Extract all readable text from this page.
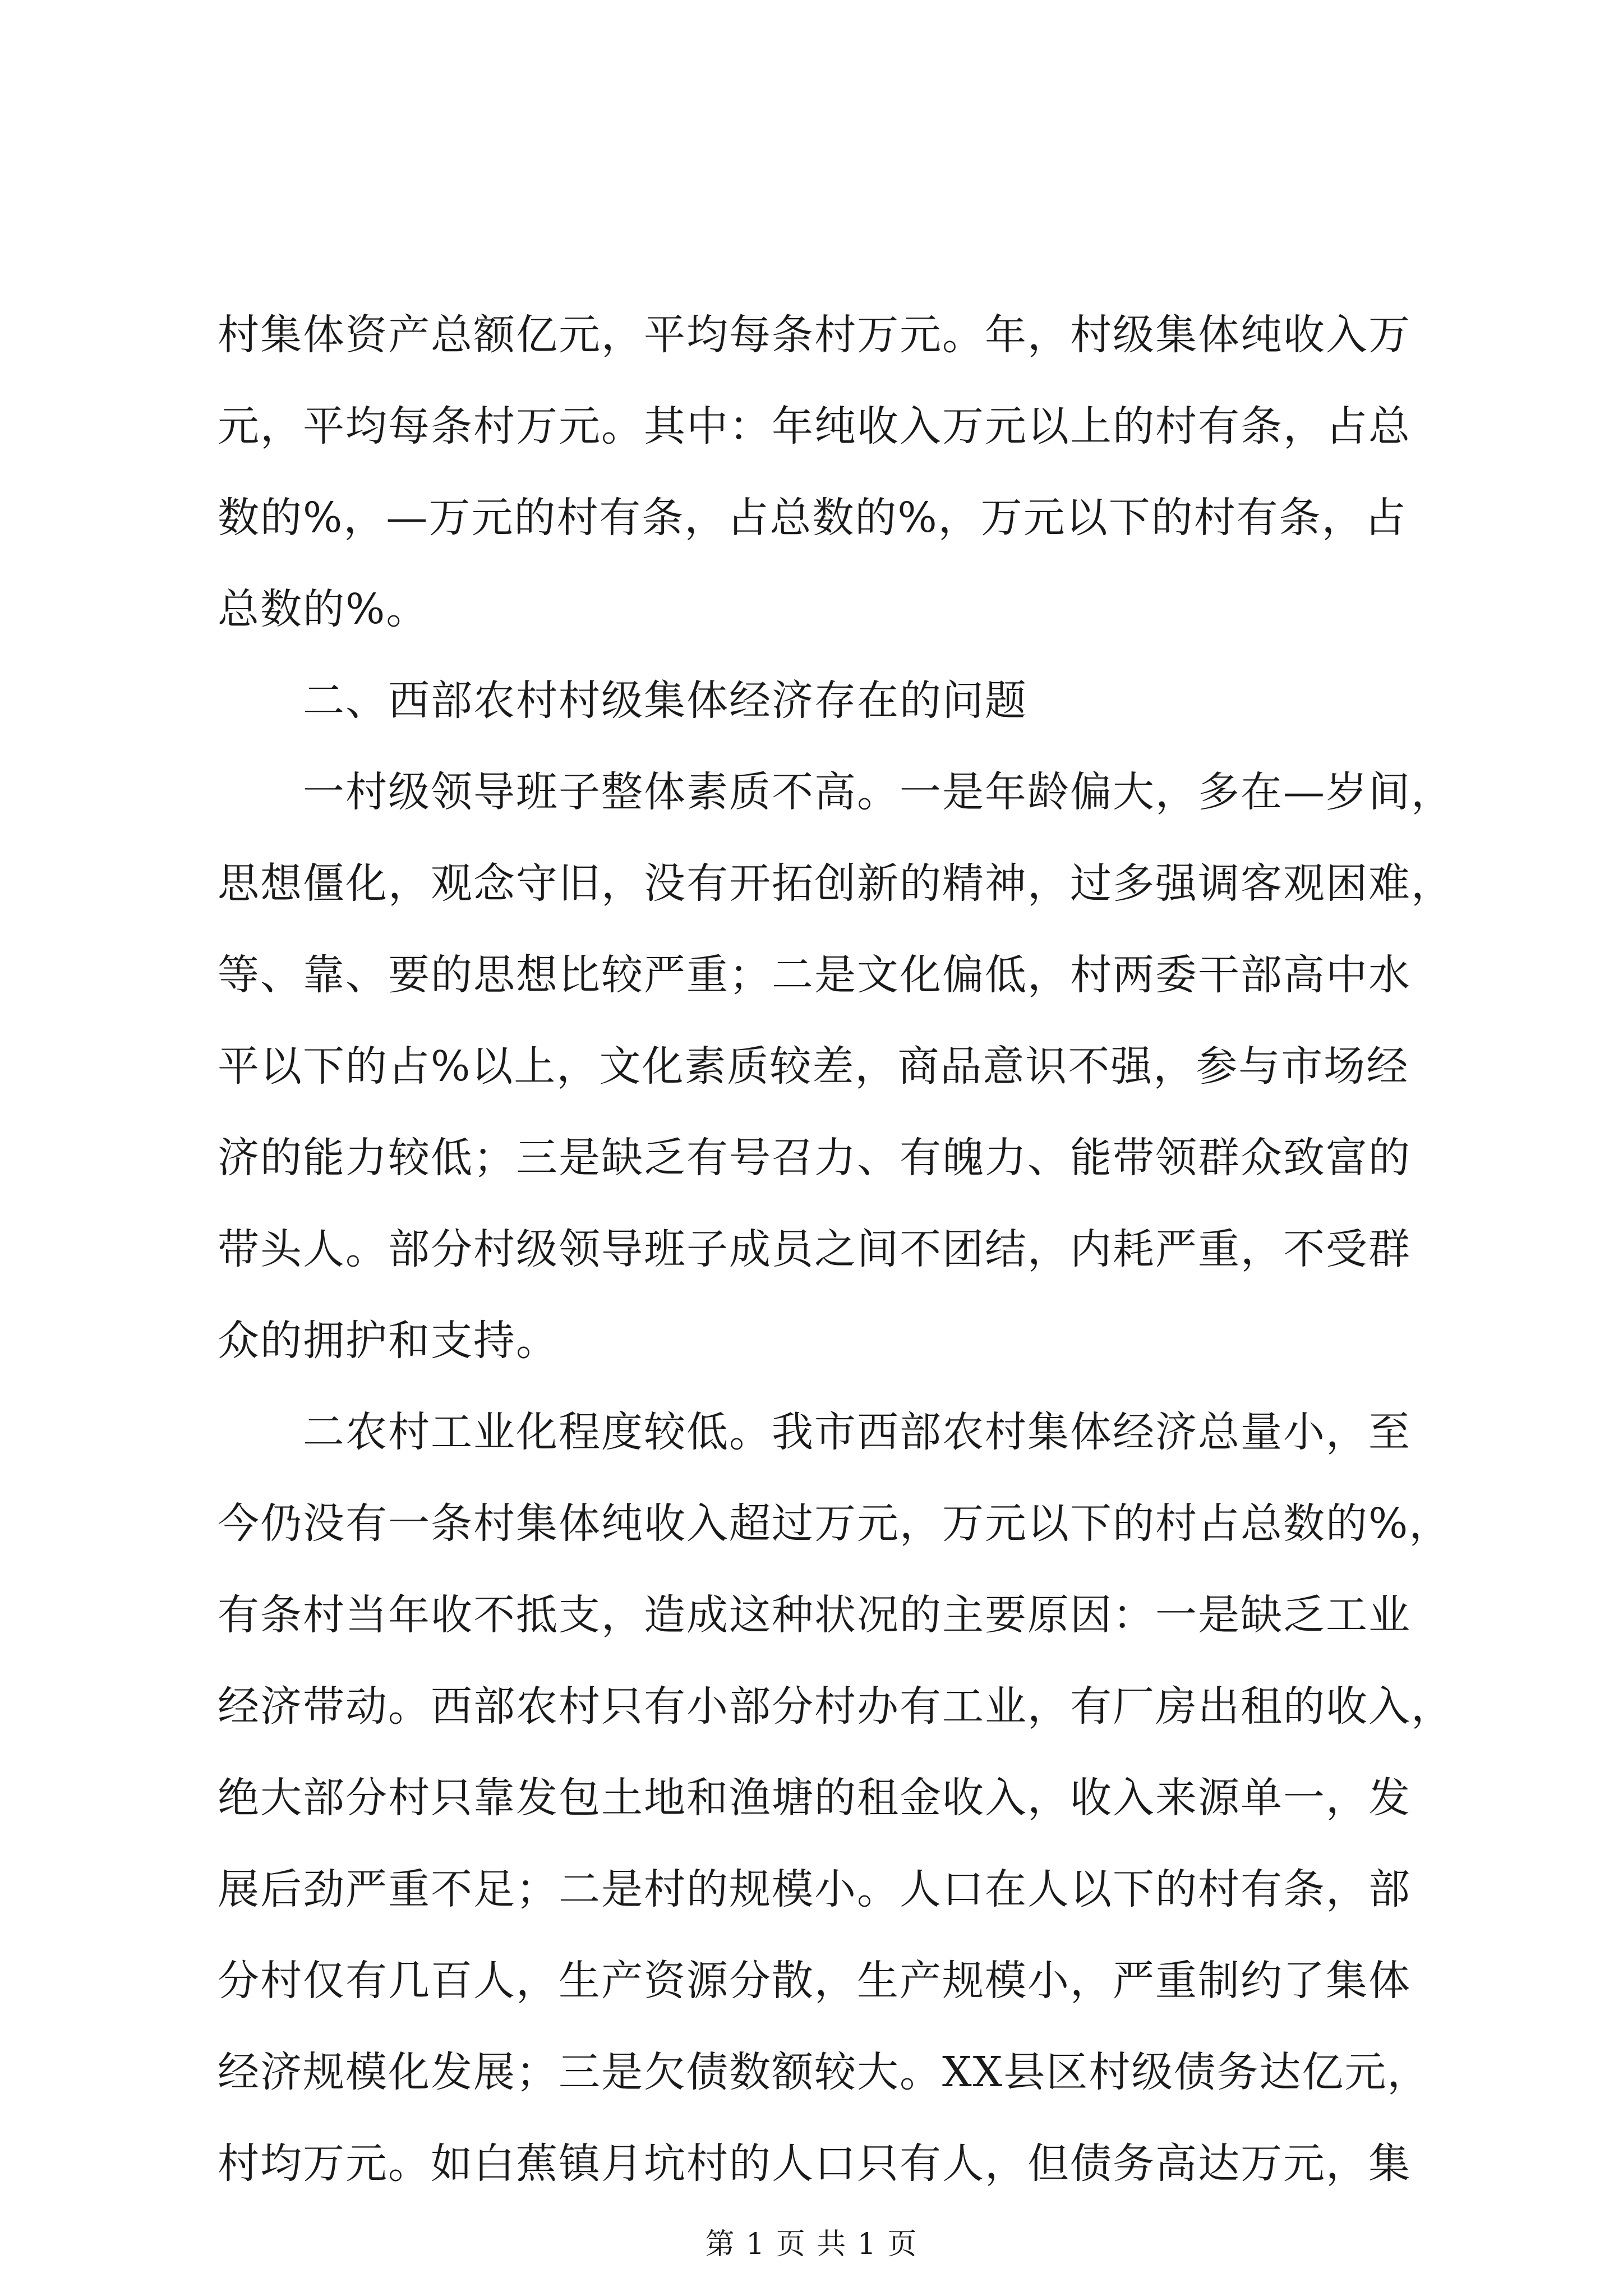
村集体资产总额亿元，平均每条村万元。年，村级集体纯收入万
元，平均每条村万元。其中：年纯收入万元以上的村有条，占总
数的%，—万元的村有条，占总数的%，万元以下的村有条，占
总数的%。
二、西部农村村级集体经济存在的问题
一村级领导班子整体素质不高。一是年龄偏大，多在—岁间，
思想僵化，观念守旧，没有开拓创新的精神，过多强调客观困难，
等、靠、要的思想比较严重；二是文化偏低，村两委干部高中水
平以下的占%以上，文化素质较差，商品意识不强，参与市场经
济的能力较低；三是缺乏有号召力、有魄力、能带领群众致富的
带头人。部分村级领导班子成员之间不团结，内耗严重，不受群
众的拥护和支持。
二农村工业化程度较低。我市西部农村集体经济总量小，至
今仍没有一条村集体纯收入超过万元，万元以下的村占总数的%，
有条村当年收不抵支，造成这种状况的主要原因：一是缺乏工业
经济带动。西部农村只有小部分村办有工业，有厂房出租的收入，
绝大部分村只靠发包土地和渔塘的租金收入，收入来源单一，发
展后劲严重不足；二是村的规模小。人口在人以下的村有条，部
分村仅有几百人，生产资源分散，生产规模小，严重制约了集体
经济规模化发展；三是欠债数额较大。XX县区村级债务达亿元，
村均万元。如白蕉镇月坑村的人口只有人，但债务高达万元，集
第 1 页 共 1 页
